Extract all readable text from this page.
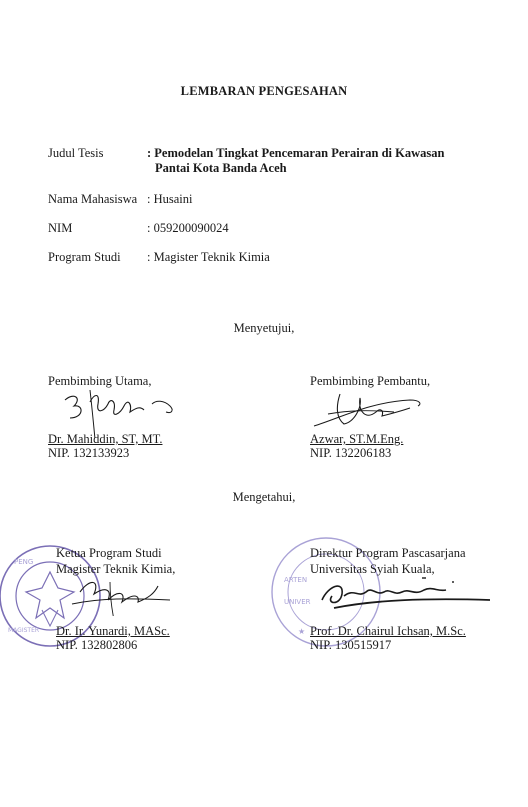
LEMBARAN PENGESAHAN
Judul Tesis	: Pemodelan Tingkat Pencemaran Perairan di Kawasan
Pantai Kota Banda Aceh
Nama Mahasiswa : Husaini
NIM	: 059200090024
Program Studi : Magister Teknik Kimia
Menyetujui,
Pembimbing Utama,
Dr. Mahiddin, ST, MT.
NIP. 132133923
Pembimbing Pembantu,
Azwar, ST.M.Eng.
NIP. 132206183
Mengetahui,
PENG
MAGISTER
Ketua Program Studi
Magister Teknik Kimia,
Dr. Ir. Yunardi, MASc.
NIP. 132802806
ARTEN
UNIVER
★
Direktur Program Pascasarjana
Universitas Syiah Kuala,
Prof. Dr. Chairul Ichsan, M.Sc.
NIP. 130515917
